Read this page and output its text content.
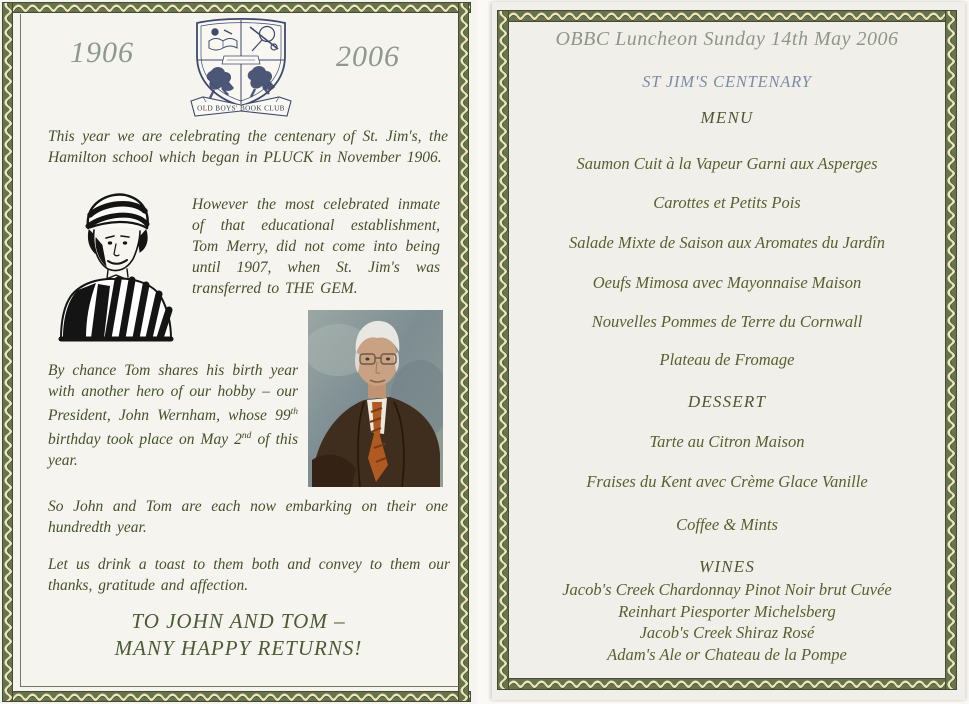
1906	2006
OLD BOYS' BOOK CLUB

This year we are celebrating the centenary of St. Jim's, the Hamilton school which began in PLUCK in November 1906.

However the most celebrated inmate of that educational establishment, Tom Merry, did not come into being until 1907, when St. Jim's was transferred to THE GEM.

By chance Tom shares his birth year with another hero of our hobby – our President, John Wernham, whose 99th birthday took place on May 2nd of this year.

So John and Tom are each now embarking on their one hundredth year.

Let us drink a toast to them both and convey to them our thanks, gratitude and affection.

TO JOHN AND TOM –
MANY HAPPY RETURNS!
OBBC Luncheon Sunday 14th May 2006
ST JIM'S CENTENARY
MENU
Saumon Cuit à la Vapeur Garni aux Asperges
Carottes et Petits Pois
Salade Mixte de Saison aux Aromates du Jardîn
Oeufs Mimosa avec Mayonnaise Maison
Nouvelles Pommes de Terre du Cornwall
Plateau de Fromage
DESSERT
Tarte au Citron Maison
Fraises du Kent avec Crème Glace Vanille
Coffee & Mints
WINES
Jacob's Creek Chardonnay Pinot Noir brut Cuvée
Reinhart Piesporter Michelsberg
Jacob's Creek Shiraz Rosé
Adam's Ale or Chateau de la Pompe
